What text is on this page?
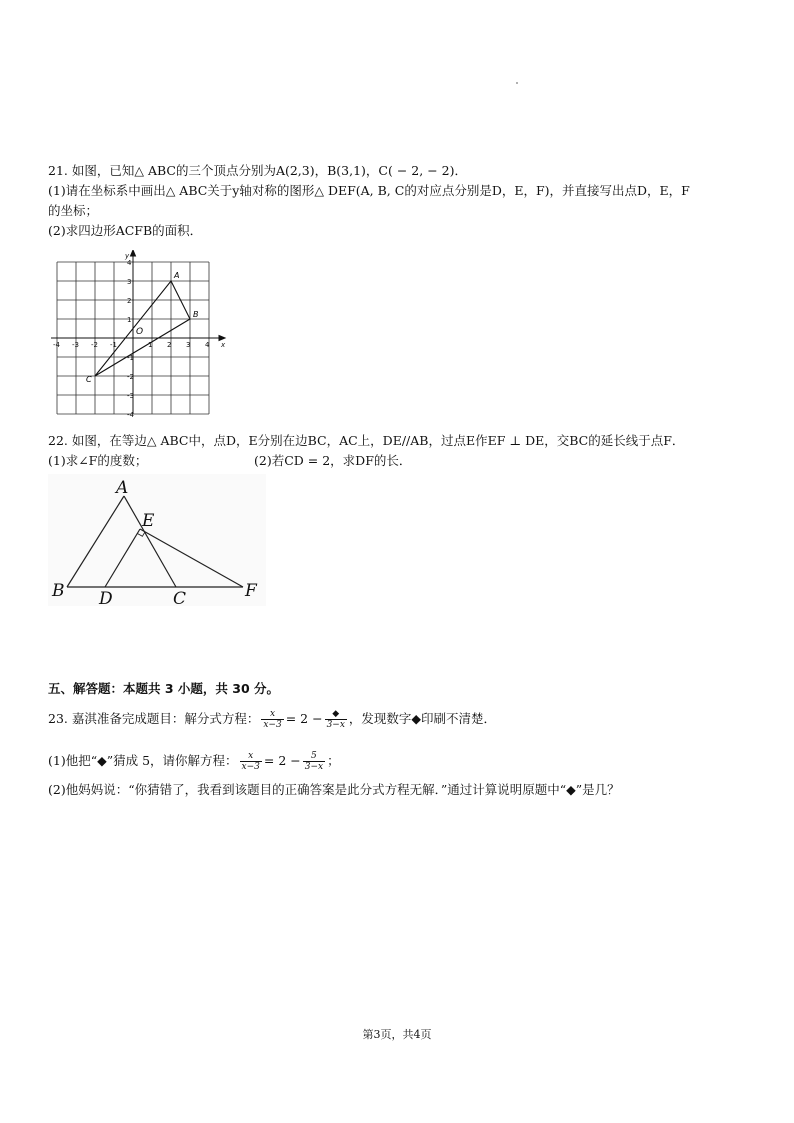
21. 如图，已知△ ABC的三个顶点分别为A(2,3)，B(3,1)，C( − 2, − 2)．
(1)请在坐标系中画出△ ABC关于y轴对称的图形△ DEF(A, B, C的对应点分别是D，E，F)，并直接写出点D，E，F
的坐标；
(2)求四边形ACFB的面积．
-4 -3 -2 -1	1 2 3 4
4
3
2
1
-1
-2
-3
-4
x
y
O
A
B
C
22. 如图，在等边△ ABC中，点D，E分别在边BC，AC上，DE//AB，过点E作EF ⊥ DE，交BC的延长线于点F．
(1)求∠F的度数；	(2)若CD = 2，求DF的长．
A
E
B D	C	F
五、解答题：本题共 3 小题，共 30 分。
23. 嘉淇准备完成题目：解分式方程： $\frac{x}{x-3} = 2 - \frac{◆}{3-x}$ ，发现数字◆印刷不清楚．
(1)他把“◆”猜成 5，请你解方程： $\frac{x}{x-3} = 2 - \frac{5}{3-x}$ ；
(2)他妈妈说：“你猜错了，我看到该题目的正确答案是此分式方程无解．”通过计算说明原题中“◆”是几？
第3页，共4页
